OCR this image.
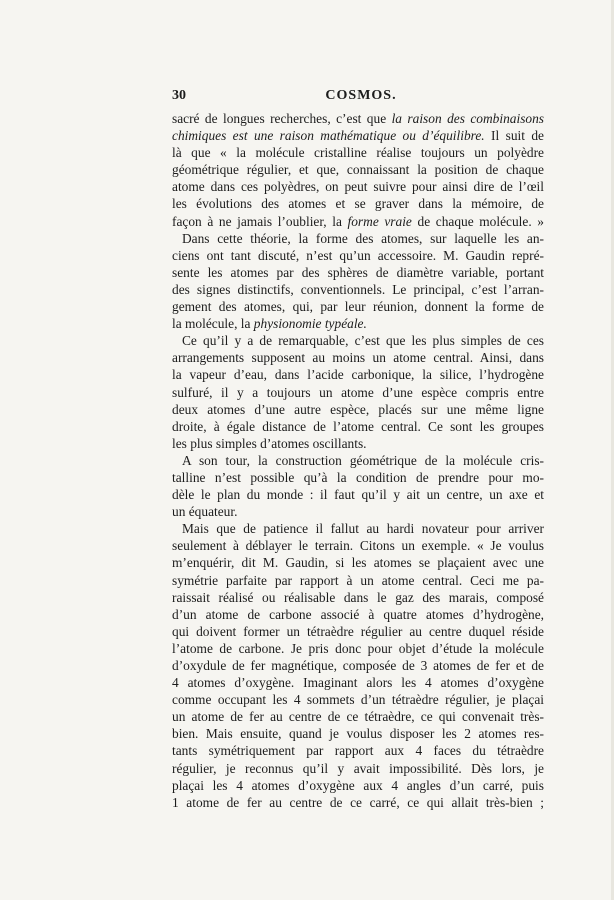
30	COSMOS.
sacré de longues recherches, c’est que la raison des combinaisons
chimiques est une raison mathématique ou d’équilibre. Il suit de
là que « la molécule cristalline réalise toujours un polyèdre
géométrique régulier, et que, connaissant la position de chaque
atome dans ces polyèdres, on peut suivre pour ainsi dire de l’œil
les évolutions des atomes et se graver dans la mémoire, de
façon à ne jamais l’oublier, la forme vraie de chaque molécule. »
Dans cette théorie, la forme des atomes, sur laquelle les an-
ciens ont tant discuté, n’est qu’un accessoire. M. Gaudin repré-
sente les atomes par des sphères de diamètre variable, portant
des signes distinctifs, conventionnels. Le principal, c’est l’arran-
gement des atomes, qui, par leur réunion, donnent la forme de
la molécule, la physionomie typéale.
Ce qu’il y a de remarquable, c’est que les plus simples de ces
arrangements supposent au moins un atome central. Ainsi, dans
la vapeur d’eau, dans l’acide carbonique, la silice, l’hydrogène
sulfuré, il y a toujours un atome d’une espèce compris entre
deux atomes d’une autre espèce, placés sur une même ligne
droite, à égale distance de l’atome central. Ce sont les groupes
les plus simples d’atomes oscillants.
A son tour, la construction géométrique de la molécule cris-
talline n’est possible qu’à la condition de prendre pour mo-
dèle le plan du monde : il faut qu’il y ait un centre, un axe et
un équateur.
Mais que de patience il fallut au hardi novateur pour arriver
seulement à déblayer le terrain. Citons un exemple. « Je voulus
m’enquérir, dit M. Gaudin, si les atomes se plaçaient avec une
symétrie parfaite par rapport à un atome central. Ceci me pa-
raissait réalisé ou réalisable dans le gaz des marais, composé
d’un atome de carbone associé à quatre atomes d’hydrogène,
qui doivent former un tétraèdre régulier au centre duquel réside
l’atome de carbone. Je pris donc pour objet d’étude la molécule
d’oxydule de fer magnétique, composée de 3 atomes de fer et de
4 atomes d’oxygène. Imaginant alors les 4 atomes d’oxygène
comme occupant les 4 sommets d’un tétraèdre régulier, je plaçai
un atome de fer au centre de ce tétraèdre, ce qui convenait très-
bien. Mais ensuite, quand je voulus disposer les 2 atomes res-
tants symétriquement par rapport aux 4 faces du tétraèdre
régulier, je reconnus qu’il y avait impossibilité. Dès lors, je
plaçai les 4 atomes d’oxygène aux 4 angles d’un carré, puis
1 atome de fer au centre de ce carré, ce qui allait très-bien ;
